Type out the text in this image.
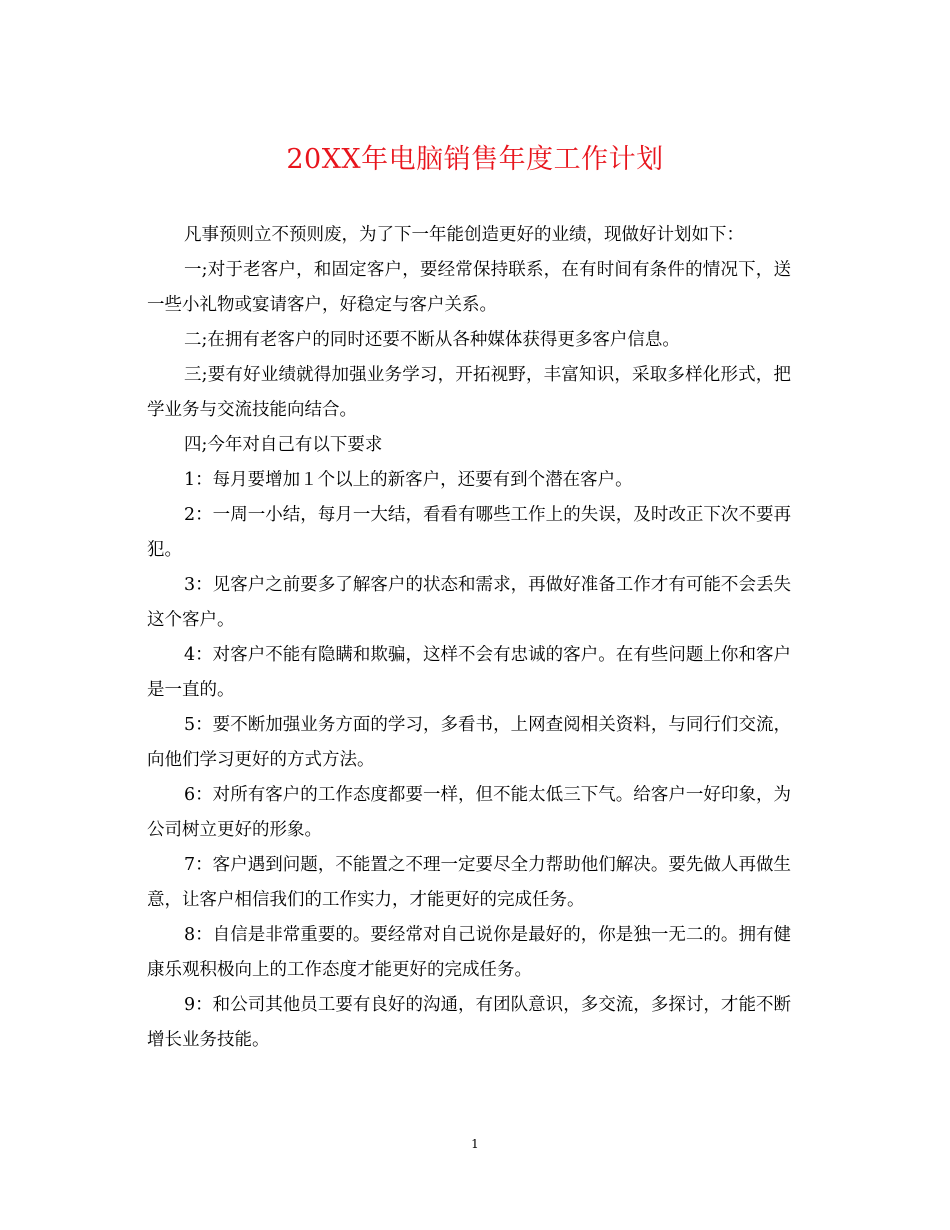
20XX年电脑销售年度工作计划

凡事预则立不预则废，为了下一年能创造更好的业绩，现做好计划如下：

一;对于老客户，和固定客户，要经常保持联系，在有时间有条件的情况下，送一些小礼物或宴请客户，好稳定与客户关系。

二;在拥有老客户的同时还要不断从各种媒体获得更多客户信息。

三;要有好业绩就得加强业务学习，开拓视野，丰富知识，采取多样化形式，把学业务与交流技能向结合。

四;今年对自己有以下要求

1：每月要增加１个以上的新客户，还要有到个潜在客户。

2：一周一小结，每月一大结，看看有哪些工作上的失误，及时改正下次不要再犯。

3：见客户之前要多了解客户的状态和需求，再做好准备工作才有可能不会丢失这个客户。

4：对客户不能有隐瞒和欺骗，这样不会有忠诚的客户。在有些问题上你和客户是一直的。

5：要不断加强业务方面的学习，多看书，上网查阅相关资料，与同行们交流，向他们学习更好的方式方法。

6：对所有客户的工作态度都要一样，但不能太低三下气。给客户一好印象，为公司树立更好的形象。

7：客户遇到问题，不能置之不理一定要尽全力帮助他们解决。要先做人再做生意，让客户相信我们的工作实力，才能更好的完成任务。

8：自信是非常重要的。要经常对自己说你是最好的，你是独一无二的。拥有健康乐观积极向上的工作态度才能更好的完成任务。

9：和公司其他员工要有良好的沟通，有团队意识，多交流，多探讨，才能不断增长业务技能。

1
